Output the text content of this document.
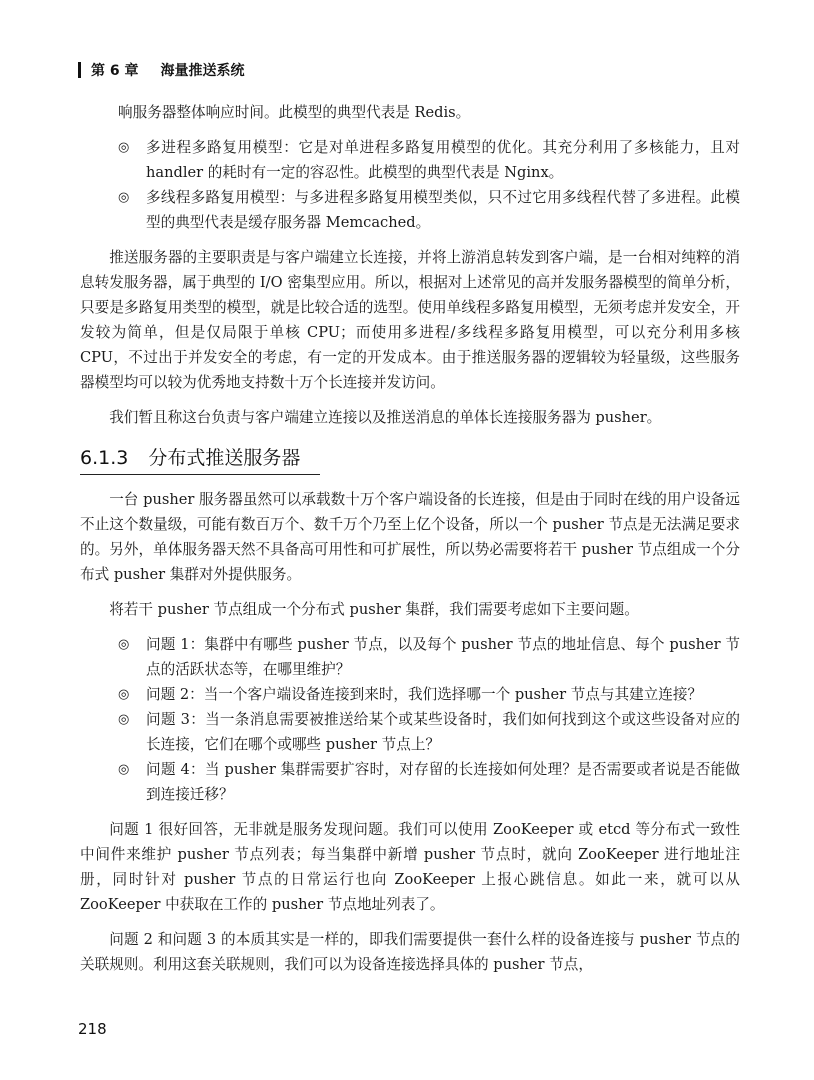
第 6 章 海量推送系统

响服务器整体响应时间。此模型的典型代表是 Redis。

◎ 多进程多路复用模型：它是对单进程多路复用模型的优化。其充分利用了多核能力，且对 handler 的耗时有一定的容忍性。此模型的典型代表是 Nginx。
◎ 多线程多路复用模型：与多进程多路复用模型类似，只不过它用多线程代替了多进程。此模型的典型代表是缓存服务器 Memcached。

推送服务器的主要职责是与客户端建立长连接，并将上游消息转发到客户端，是一台相对纯粹的消息转发服务器，属于典型的 I/O 密集型应用。所以，根据对上述常见的高并发服务器模型的简单分析，只要是多路复用类型的模型，就是比较合适的选型。使用单线程多路复用模型，无须考虑并发安全，开发较为简单，但是仅局限于单核 CPU；而使用多进程/多线程多路复用模型，可以充分利用多核 CPU，不过出于并发安全的考虑，有一定的开发成本。由于推送服务器的逻辑较为轻量级，这些服务器模型均可以较为优秀地支持数十万个长连接并发访问。

我们暂且称这台负责与客户端建立连接以及推送消息的单体长连接服务器为 pusher。

6.1.3 分布式推送服务器

一台 pusher 服务器虽然可以承载数十万个客户端设备的长连接，但是由于同时在线的用户设备远不止这个数量级，可能有数百万个、数千万个乃至上亿个设备，所以一个 pusher 节点是无法满足要求的。另外，单体服务器天然不具备高可用性和可扩展性，所以势必需要将若干 pusher 节点组成一个分布式 pusher 集群对外提供服务。

将若干 pusher 节点组成一个分布式 pusher 集群，我们需要考虑如下主要问题。

◎ 问题 1：集群中有哪些 pusher 节点，以及每个 pusher 节点的地址信息、每个 pusher 节点的活跃状态等，在哪里维护？
◎ 问题 2：当一个客户端设备连接到来时，我们选择哪一个 pusher 节点与其建立连接？
◎ 问题 3：当一条消息需要被推送给某个或某些设备时，我们如何找到这个或这些设备对应的长连接，它们在哪个或哪些 pusher 节点上？
◎ 问题 4：当 pusher 集群需要扩容时，对存留的长连接如何处理？是否需要或者说是否能做到连接迁移？

问题 1 很好回答，无非就是服务发现问题。我们可以使用 ZooKeeper 或 etcd 等分布式一致性中间件来维护 pusher 节点列表；每当集群中新增 pusher 节点时，就向 ZooKeeper 进行地址注册，同时针对 pusher 节点的日常运行也向 ZooKeeper 上报心跳信息。如此一来，就可以从 ZooKeeper 中获取在工作的 pusher 节点地址列表了。

问题 2 和问题 3 的本质其实是一样的，即我们需要提供一套什么样的设备连接与 pusher 节点的关联规则。利用这套关联规则，我们可以为设备连接选择具体的 pusher 节点，

218
